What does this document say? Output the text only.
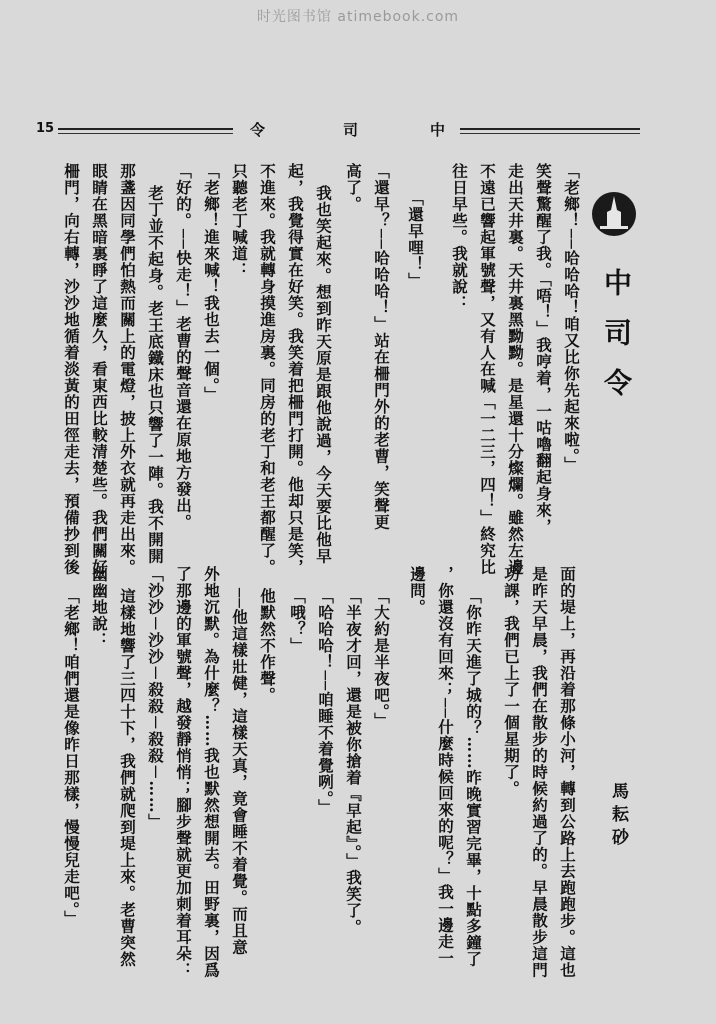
时光图书馆 atimebook.com
15	令	司	中
中司令
馬耘砂
「老鄉！──哈哈哈！咱又比你先起來啦。」
笑聲驚醒了我。「唔！」我哼着，一咕嚕翻起身來，
走出天井裏。天井裏黑黝黝。是星還十分燦爛。雖然左邊
不遠已響起軍號聲，又有人在喊「一二三，四！」終究比
往日早些。我就說：
「還早哩！」
「還早？──哈哈哈！」站在柵門外的老曹，笑聲更
高了。
我也笑起來。想到昨天原是跟他說過，今天要比他早
起，我覺得實在好笑。我笑着把柵門打開。他却只是笑，
不進來。我就轉身摸進房裏。同房的老丁和老王都醒了。
只聽老丁喊道：
「老鄉！進來喊！我也去一個。」
「好的。──快走！」老曹的聲音還在原地方發出。
老丁並不起身。老王底鐵床也只響了一陣。我不開開
那盞因同學們怕熱而關上的電燈，披上外衣就再走出來。
眼睛在黑暗裏睜了這麼久，看東西比較清楚些。我們關好
柵門，向右轉，沙沙地循着淡黃的田徑走去，預備抄到後
面的堤上，再沿着那條小河，轉到公路上去跑跑步。這也
是昨天早晨，我們在散步的時候約過了的。早晨散步這門
功課，我們已上了一個星期了。
「你昨天進了城的？……昨晚實習完畢，十點多鐘了
，你還沒有回來；──什麼時候回來的呢？」我一邊走一
邊問。
「大約是半夜吧。」
「半夜才回，還是被你搶着『早起』。」我笑了。
「哈哈哈！──咱睡不着覺咧。」
「哦？」
他默然不作聲。
──他這樣壯健，這樣天真，竟會睡不着覺。而且意
外地沉默。為什麼？……我也默然想開去。田野裏，因爲
了那邊的軍號聲，越發靜悄悄；腳步聲就更加刺着耳朵：
「沙沙－沙沙－殺殺－殺殺－……」
這樣地響了三四十下，我們就爬到堤上來。老曹突然
幽幽地說：
「老鄉！咱們還是像昨日那樣，慢慢兒走吧。」
